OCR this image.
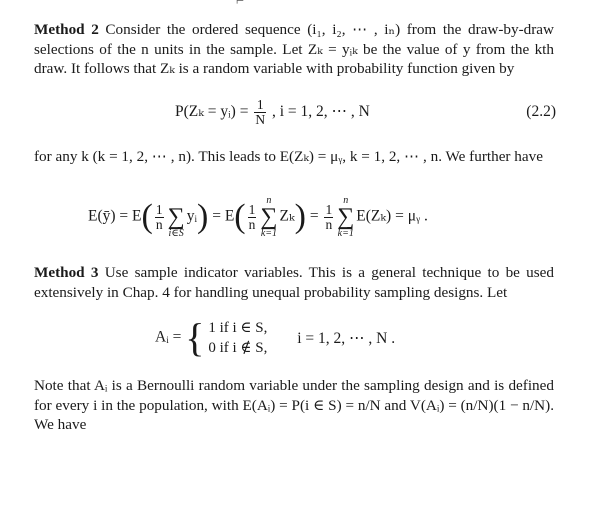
⌐
Method 2 Consider the ordered sequence (i₁, i₂, ⋯ , iₙ) from the draw-by-draw selections of the n units in the sample. Let Zₖ = yᵢₖ be the value of y from the kth draw. It follows that Zₖ is a random variable with probability function given by
P(Zₖ = yᵢ) = $\frac{1}{N}$ , i = 1, 2, ⋯ , N	(2.2)
for any k (k = 1, 2, ⋯ , n). This leads to E(Zₖ) = μᵧ, k = 1, 2, ⋯ , n. We further have
E(ȳ) = $E( \frac{1}{n}$
∑
i∈S
yᵢ) = $E( \frac{1}{n}$
n
∑
k=1
$Z_k) = \frac{1}{n}$
n
∑
k=1
E(Zₖ) = μᵧ .
Method 3 Use sample indicator variables. This is a general technique to be used extensively in Chap. 4 for handling unequal probability sampling designs. Let
Aᵢ = { 1 if i ∈ S,
0 if i ∉ S,
i = 1, 2, ⋯ , N .
Note that Aᵢ is a Bernoulli random variable under the sampling design and is defined for every i in the population, with E(Aᵢ) = P(i ∈ S) = n/N and V(Aᵢ) = (n/N)(1 − n/N). We have
